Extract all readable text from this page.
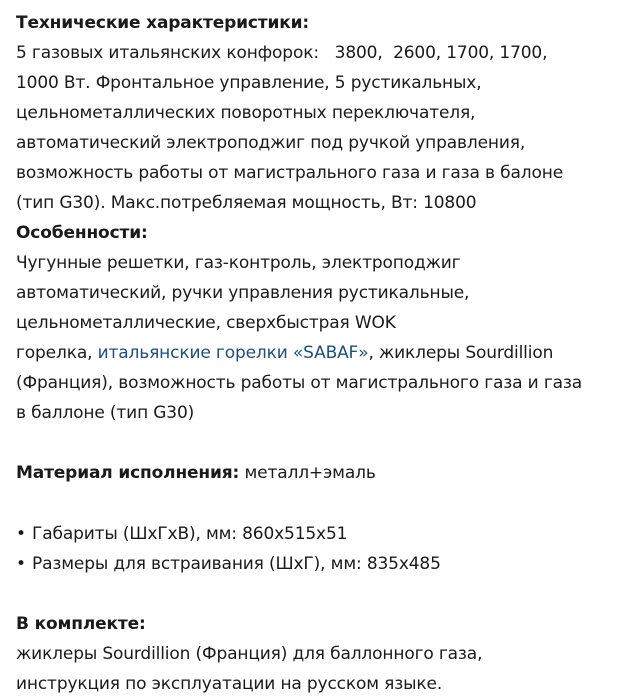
Технические характеристики:
5 газовых итальянских конфорок:   3800,  2600, 1700, 1700,
1000 Вт. Фронтальное управление, 5 рустикальных,
цельнометаллических поворотных переключателя,
автоматический электроподжиг под ручкой управления,
возможность работы от магистрального газа и газа в балоне
(тип G30). Макс.потребляемая мощность, Вт: 10800
Особенности:
Чугунные решетки, газ-контроль, электроподжиг
автоматический, ручки управления рустикальные,
цельнометаллические, сверхбыстрая WOK
горелка, итальянские горелки «SABAF», жиклеры Sourdillion
(Франция), возможность работы от магистрального газа и газа
в баллоне (тип G30)
Материал исполнения: металл+эмаль
• Габариты (ШхГхВ), мм: 860х515х51
• Размеры для встраивания (ШхГ), мм: 835х485
В комплекте:
жиклеры Sourdillion (Франция) для баллонного газа,
инструкция по эксплуатации на русском языке.
